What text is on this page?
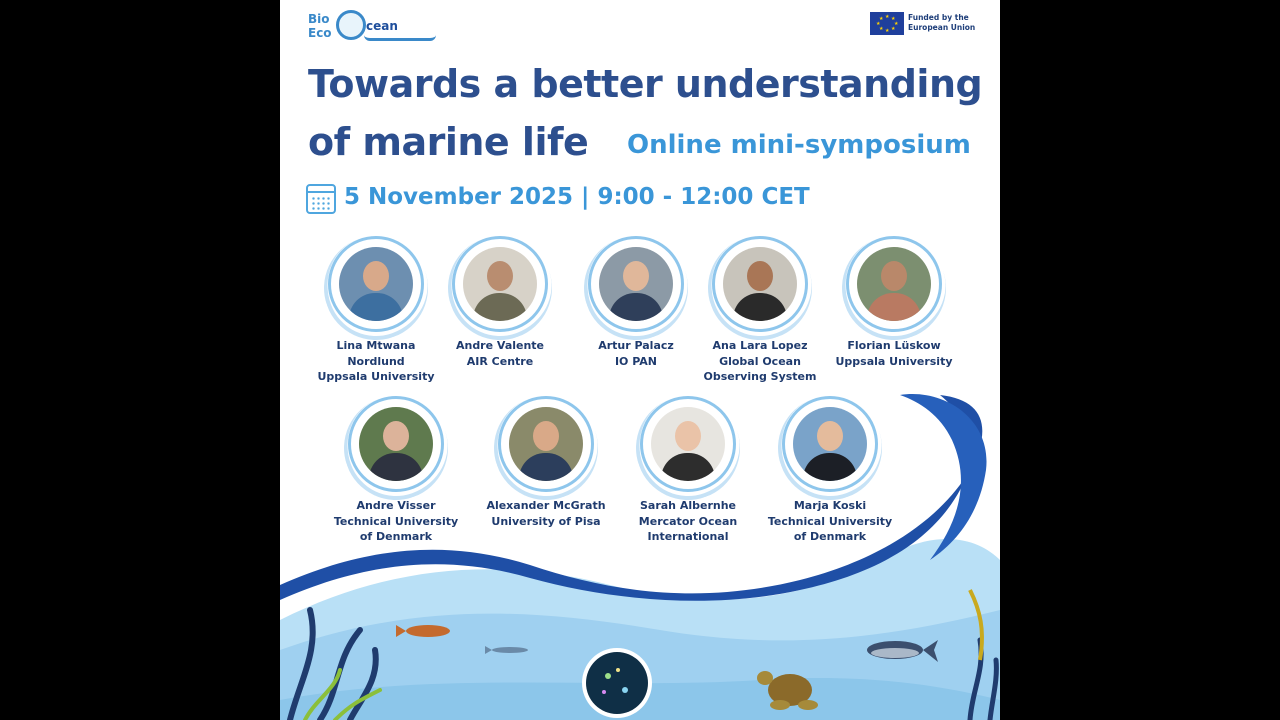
Bio
Eco	cean
★ ★
★
★
★
★
★
★	Funded by the European Union
Towards a better understanding
of marine life Online mini-symposium
5 November 2025 | 9:00 - 12:00 CET
Lina Mtwana Nordlund
Uppsala University
Andre Valente
AIR Centre
Artur Palacz
IO PAN
Ana Lara Lopez
Global Ocean Observing System
Florian Lüskow
Uppsala University
Andre Visser
Technical University of Denmark
Alexander McGrath
University of Pisa
Sarah Albernhe
Mercator Ocean International
Marja Koski
Technical University of Denmark
